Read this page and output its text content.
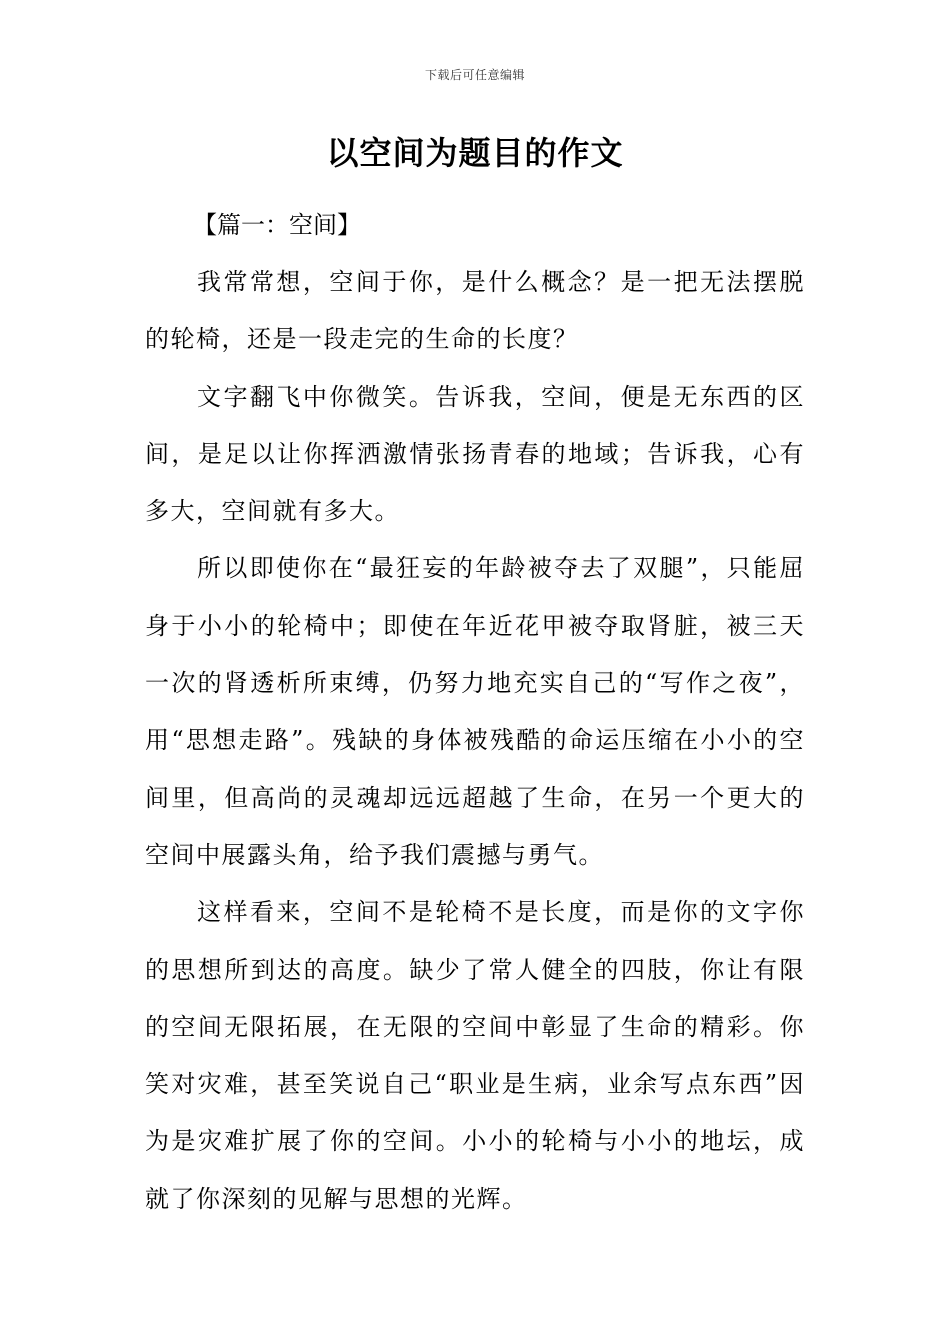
下载后可任意编辑
以空间为题目的作文

【篇一：空间】

我常常想，空间于你，是什么概念？是一把无法摆脱的轮椅，还是一段走完的生命的长度？

文字翻飞中你微笑。告诉我，空间，便是无东西的区间，是足以让你挥洒激情张扬青春的地域；告诉我，心有多大，空间就有多大。

所以即使你在“最狂妄的年龄被夺去了双腿”，只能屈身于小小的轮椅中；即使在年近花甲被夺取肾脏，被三天一次的肾透析所束缚，仍努力地充实自己的“写作之夜”，用“思想走路”。残缺的身体被残酷的命运压缩在小小的空间里，但高尚的灵魂却远远超越了生命，在另一个更大的空间中展露头角，给予我们震撼与勇气。

这样看来，空间不是轮椅不是长度，而是你的文字你的思想所到达的高度。缺少了常人健全的四肢，你让有限的空间无限拓展，在无限的空间中彰显了生命的精彩。你笑对灾难，甚至笑说自己“职业是生病，业余写点东西”因为是灾难扩展了你的空间。小小的轮椅与小小的地坛，成就了你深刻的见解与思想的光辉。
